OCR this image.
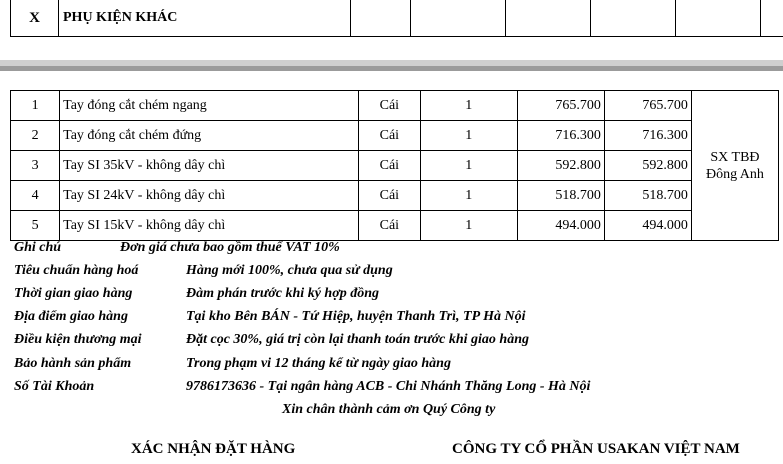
X	PHỤ KIỆN KHÁC						
1	Tay đóng cắt chém ngang	Cái	1	765.700	765.700	SX TBĐ
Đông Anh
2	Tay đóng cắt chém đứng	Cái	1	716.300	716.300	
3	Tay SI 35kV - không dây chì	Cái	1	592.800	592.800	
4	Tay SI 24kV - không dây chì	Cái	1	518.700	518.700	
5	Tay SI 15kV - không dây chì	Cái	1	494.000	494.000	
Ghi chú	Đơn giá chưa bao gồm thuế VAT 10%
Tiêu chuẩn hàng hoá	Hàng mới 100%, chưa qua sử dụng
Thời gian giao hàng	Đàm phán trước khi ký hợp đồng
Địa điểm giao hàng	Tại kho Bên BÁN - Tứ Hiệp, huyện Thanh Trì, TP Hà Nội
Điều kiện thương mại	Đặt cọc 30%, giá trị còn lại thanh toán trước khi giao hàng
Bảo hành sản phẩm	Trong phạm vi 12 tháng kể từ ngày giao hàng
Số Tài Khoản	9786173636 - Tại ngân hàng ACB - Chi Nhánh Thăng Long - Hà Nội
Xin chân thành cảm ơn Quý Công ty
XÁC NHẬN ĐẶT HÀNG	CÔNG TY CỔ PHẦN USAKAN VIỆT NAM
